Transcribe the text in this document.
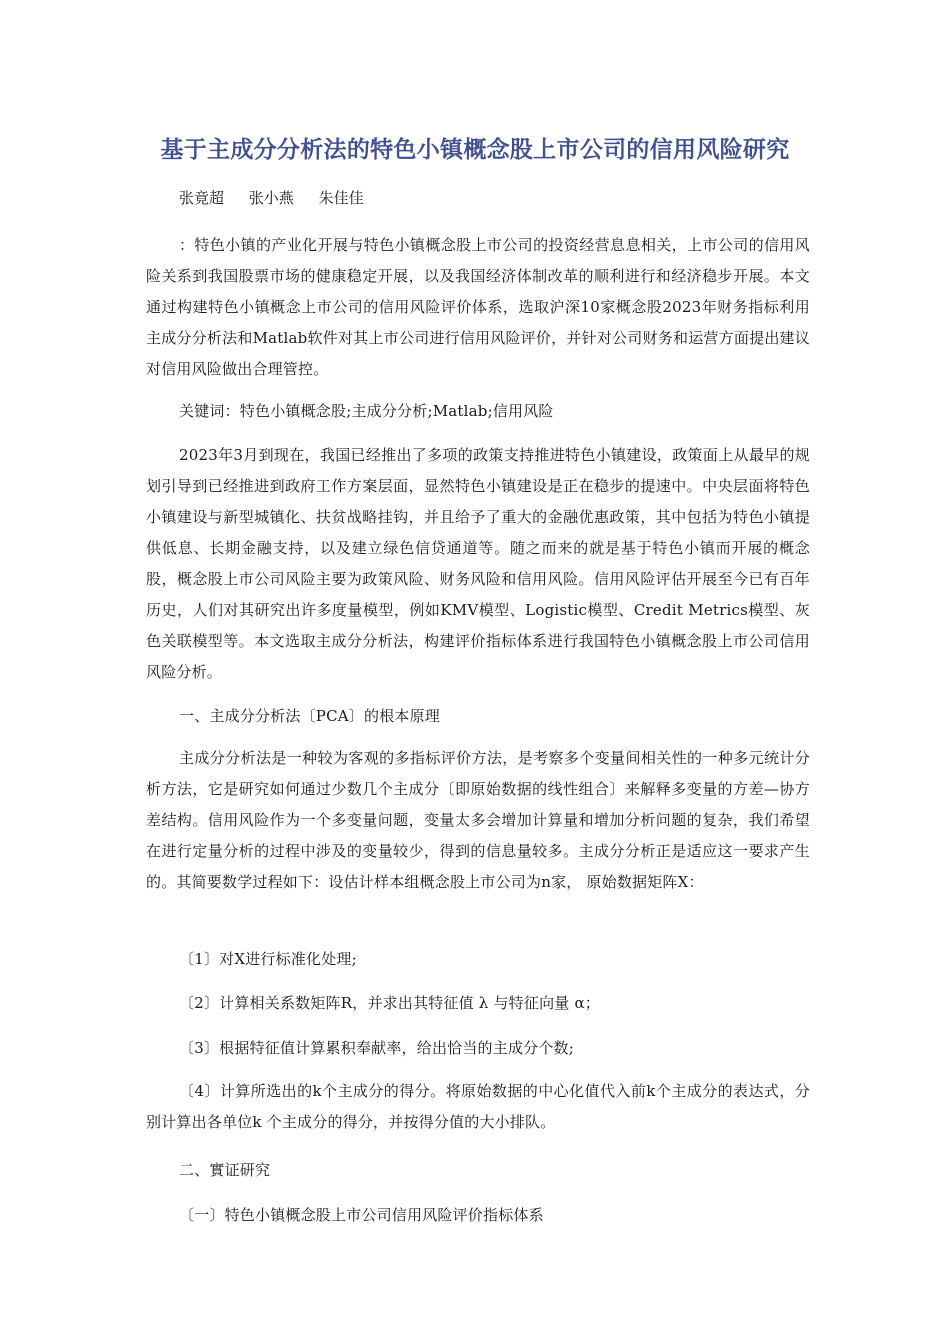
基于主成分分析法的特色小镇概念股上市公司的信用风险研究
张竟超 张小燕 朱佳佳
：特色小镇的产业化开展与特色小镇概念股上市公司的投资经营息息相关，上市公司的信用风险关系到我国股票市场的健康稳定开展，以及我国经济体制改革的顺利进行和经济稳步开展。本文通过构建特色小镇概念上市公司的信用风险评价体系，选取沪深10家概念股2023年财务指标利用主成分分析法和Matlab软件对其上市公司进行信用风险评价，并针对公司财务和运营方面提出建议对信用风险做出合理管控。
关键词：特色小镇概念股;主成分分析;Matlab;信用风险
2023年3月到现在，我国已经推出了多项的政策支持推进特色小镇建设，政策面上从最早的规划引导到已经推进到政府工作方案层面，显然特色小镇建设是正在稳步的提速中。中央层面将特色小镇建设与新型城镇化、扶贫战略挂钩，并且给予了重大的金融优惠政策，其中包括为特色小镇提供低息、长期金融支持，以及建立绿色信贷通道等。随之而来的就是基于特色小镇而开展的概念股，概念股上市公司风险主要为政策风险、财务风险和信用风险。信用风险评估开展至今已有百年历史，人们对其研究出许多度量模型，例如KMV模型、Logistic模型、Credit Metrics模型、灰色关联模型等。本文选取主成分分析法，构建评价指标体系进行我国特色小镇概念股上市公司信用风险分析。
一、主成分分析法〔PCA〕的根本原理
主成分分析法是一种较为客观的多指标评价方法，是考察多个变量间相关性的一种多元统计分析方法，它是研究如何通过少数几个主成分〔即原始数据的线性组合〕来解释多变量的方差—协方差结构。信用风险作为一个多变量问题，变量太多会增加计算量和增加分析问题的复杂，我们希望在进行定量分析的过程中涉及的变量较少，得到的信息量较多。主成分分析正是适应这一要求产生的。其简要数学过程如下：设估计样本组概念股上市公司为n家， 原始数据矩阵X：
〔1〕对X进行标准化处理;
〔2〕计算相关系数矩阵R，并求出其特征值 λ 与特征向量 α；
〔3〕根据特征值计算累积奉献率，给出恰当的主成分个数;
〔4〕计算所选出的k个主成分的得分。将原始数据的中心化值代入前k个主成分的表达式，分别计算出各单位k 个主成分的得分，并按得分值的大小排队。
二、實证研究
〔一〕特色小镇概念股上市公司信用风险评价指标体系
